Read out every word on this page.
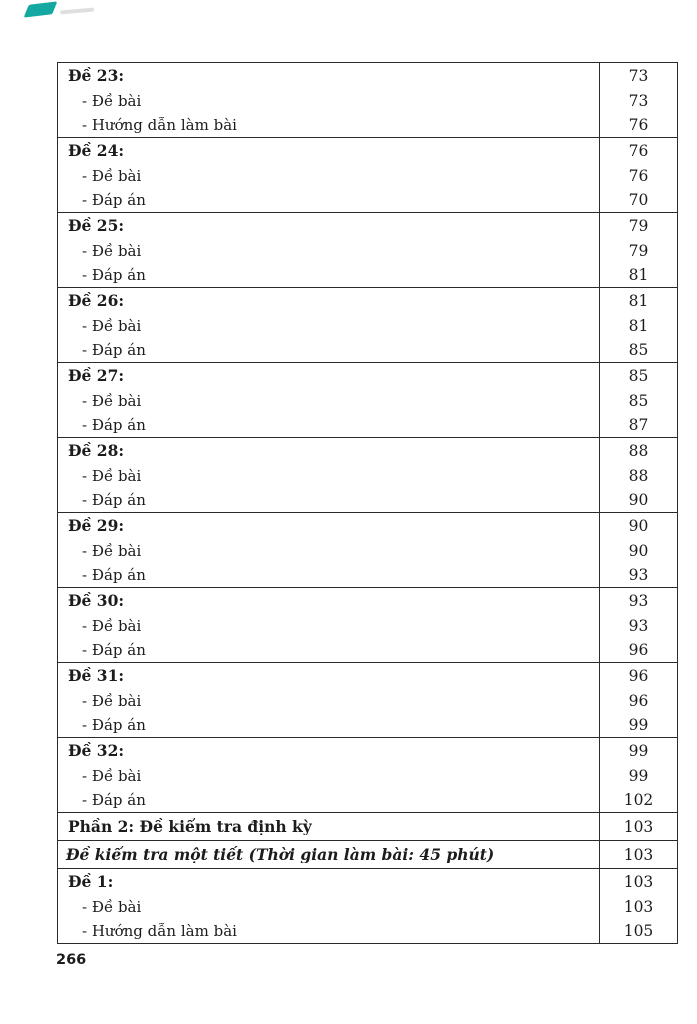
Đề 23:	73
- Đề bài	73
- Hướng dẫn làm bài	76
Đề 24:	76
- Đề bài	76
- Đáp án	70
Đề 25:	79
- Đề bài	79
- Đáp án	81
Đề 26:	81
- Đề bài	81
- Đáp án	85
Đề 27:	85
- Đề bài	85
- Đáp án	87
Đề 28:	88
- Đề bài	88
- Đáp án	90
Đề 29:	90
- Đề bài	90
- Đáp án	93
Đề 30:	93
- Đề bài	93
- Đáp án	96
Đề 31:	96
- Đề bài	96
- Đáp án	99
Đề 32:	99
- Đề bài	99
- Đáp án	102
Phần 2: Đề kiểm tra định kỳ	103
Đề kiểm tra một tiết (Thời gian làm bài: 45 phút)	103
Đề 1:	103
- Đề bài	103
- Hướng dẫn làm bài	105
266
